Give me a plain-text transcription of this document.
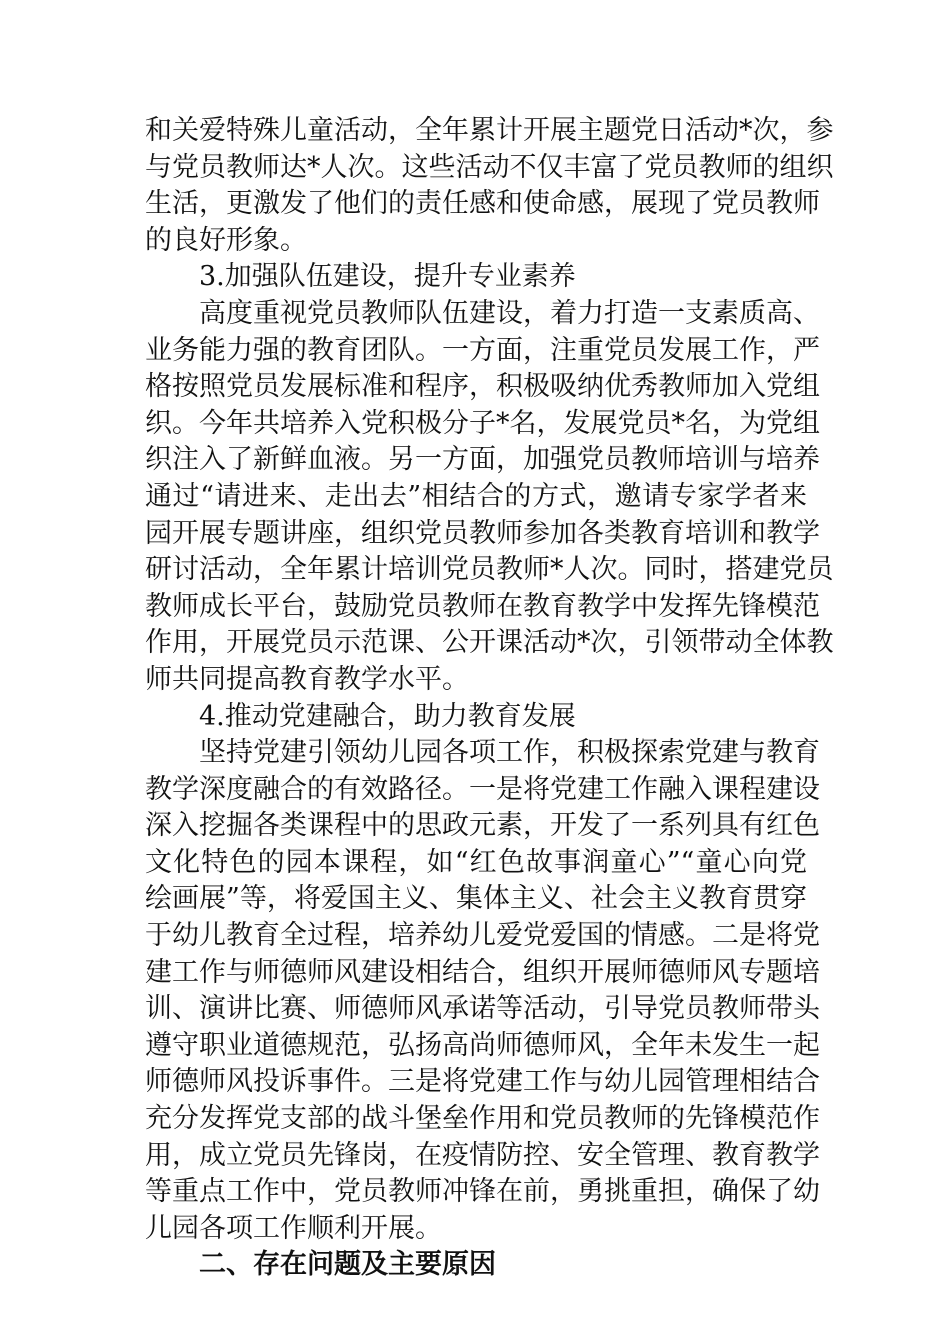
和关爱特殊儿童活动，全年累计开展主题党日活动*次，参
与党员教师达*人次。这些活动不仅丰富了党员教师的组织
生活，更激发了他们的责任感和使命感，展现了党员教师
的良好形象。
3.加强队伍建设，提升专业素养
高度重视党员教师队伍建设，着力打造一支素质高、
业务能力强的教育团队。一方面，注重党员发展工作，严
格按照党员发展标准和程序，积极吸纳优秀教师加入党组
织。今年共培养入党积极分子*名，发展党员*名，为党组
织注入了新鲜血液。另一方面，加强党员教师培训与培养
通过“请进来、走出去”相结合的方式，邀请专家学者来
园开展专题讲座，组织党员教师参加各类教育培训和教学
研讨活动，全年累计培训党员教师*人次。同时，搭建党员
教师成长平台，鼓励党员教师在教育教学中发挥先锋模范
作用，开展党员示范课、公开课活动*次，引领带动全体教
师共同提高教育教学水平。
4.推动党建融合，助力教育发展
坚持党建引领幼儿园各项工作，积极探索党建与教育
教学深度融合的有效路径。一是将党建工作融入课程建设
深入挖掘各类课程中的思政元素，开发了一系列具有红色
文化特色的园本课程，如“红色故事润童心”“童心向党
绘画展”等，将爱国主义、集体主义、社会主义教育贯穿
于幼儿教育全过程，培养幼儿爱党爱国的情感。二是将党
建工作与师德师风建设相结合，组织开展师德师风专题培
训、演讲比赛、师德师风承诺等活动，引导党员教师带头
遵守职业道德规范，弘扬高尚师德师风，全年未发生一起
师德师风投诉事件。三是将党建工作与幼儿园管理相结合
充分发挥党支部的战斗堡垒作用和党员教师的先锋模范作
用，成立党员先锋岗，在疫情防控、安全管理、教育教学
等重点工作中，党员教师冲锋在前，勇挑重担，确保了幼
儿园各项工作顺利开展。
二、存在问题及主要原因
